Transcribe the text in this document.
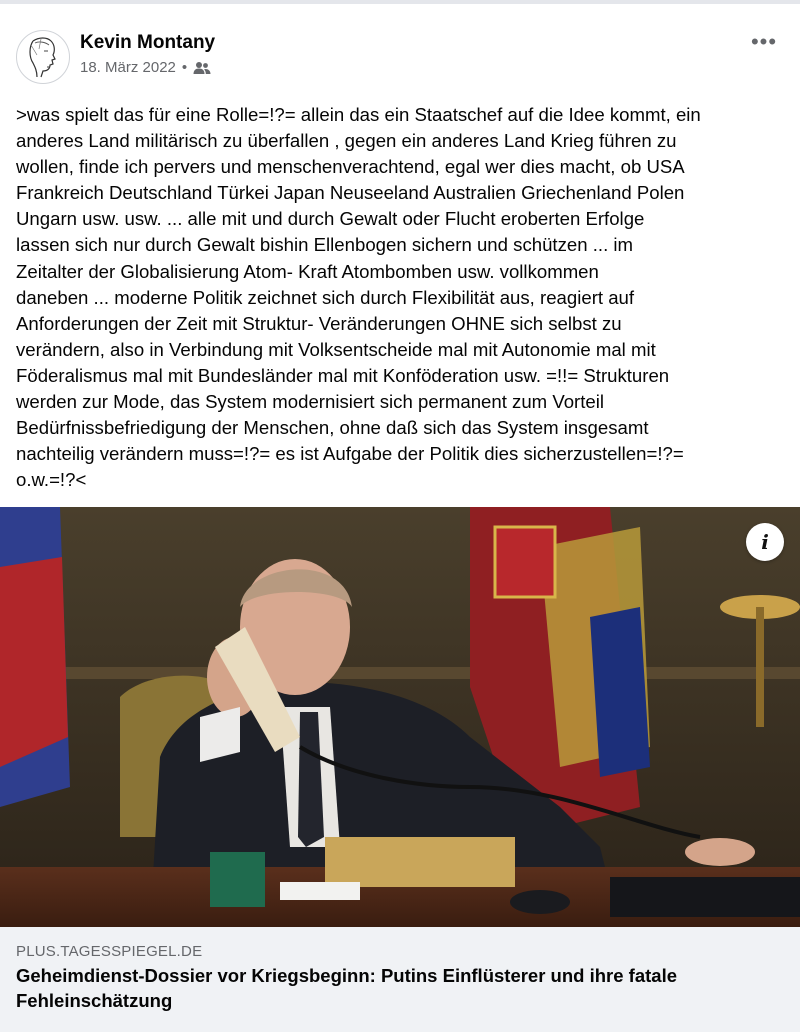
Kevin Montany
18. März 2022 •
•••

>was spielt das für eine Rolle=!?= allein das ein Staatschef auf die Idee kommt, ein
anderes Land militärisch zu überfallen , gegen ein anderes Land Krieg führen zu
wollen, finde ich pervers und menschenverachtend, egal wer dies macht, ob USA
Frankreich Deutschland Türkei Japan Neuseeland Australien Griechenland Polen
Ungarn usw. usw. ... alle mit und durch Gewalt oder Flucht eroberten Erfolge
lassen sich nur durch Gewalt bishin Ellenbogen sichern und schützen ... im
Zeitalter der Globalisierung Atom- Kraft Atombomben usw. vollkommen
daneben ... moderne Politik zeichnet sich durch Flexibilität aus, reagiert auf
Anforderungen der Zeit mit Struktur- Veränderungen OHNE sich selbst zu
verändern, also in Verbindung mit Volksentscheide mal mit Autonomie mal mit
Föderalismus mal mit Bundesländer mal mit Konföderation usw. =!!= Strukturen
werden zur Mode, das System modernisiert sich permanent zum Vorteil
Bedürfnissbefriedigung der Menschen, ohne daß sich das System insgesamt
nachteilig verändern muss=!?= es ist Aufgabe der Politik dies sicherzustellen=!?=
o.w.=!?<

i
PLUS.TAGESSPIEGEL.DE
Geheimdienst-Dossier vor Kriegsbeginn: Putins Einflüsterer und ihre fatale Fehleinschätzung
